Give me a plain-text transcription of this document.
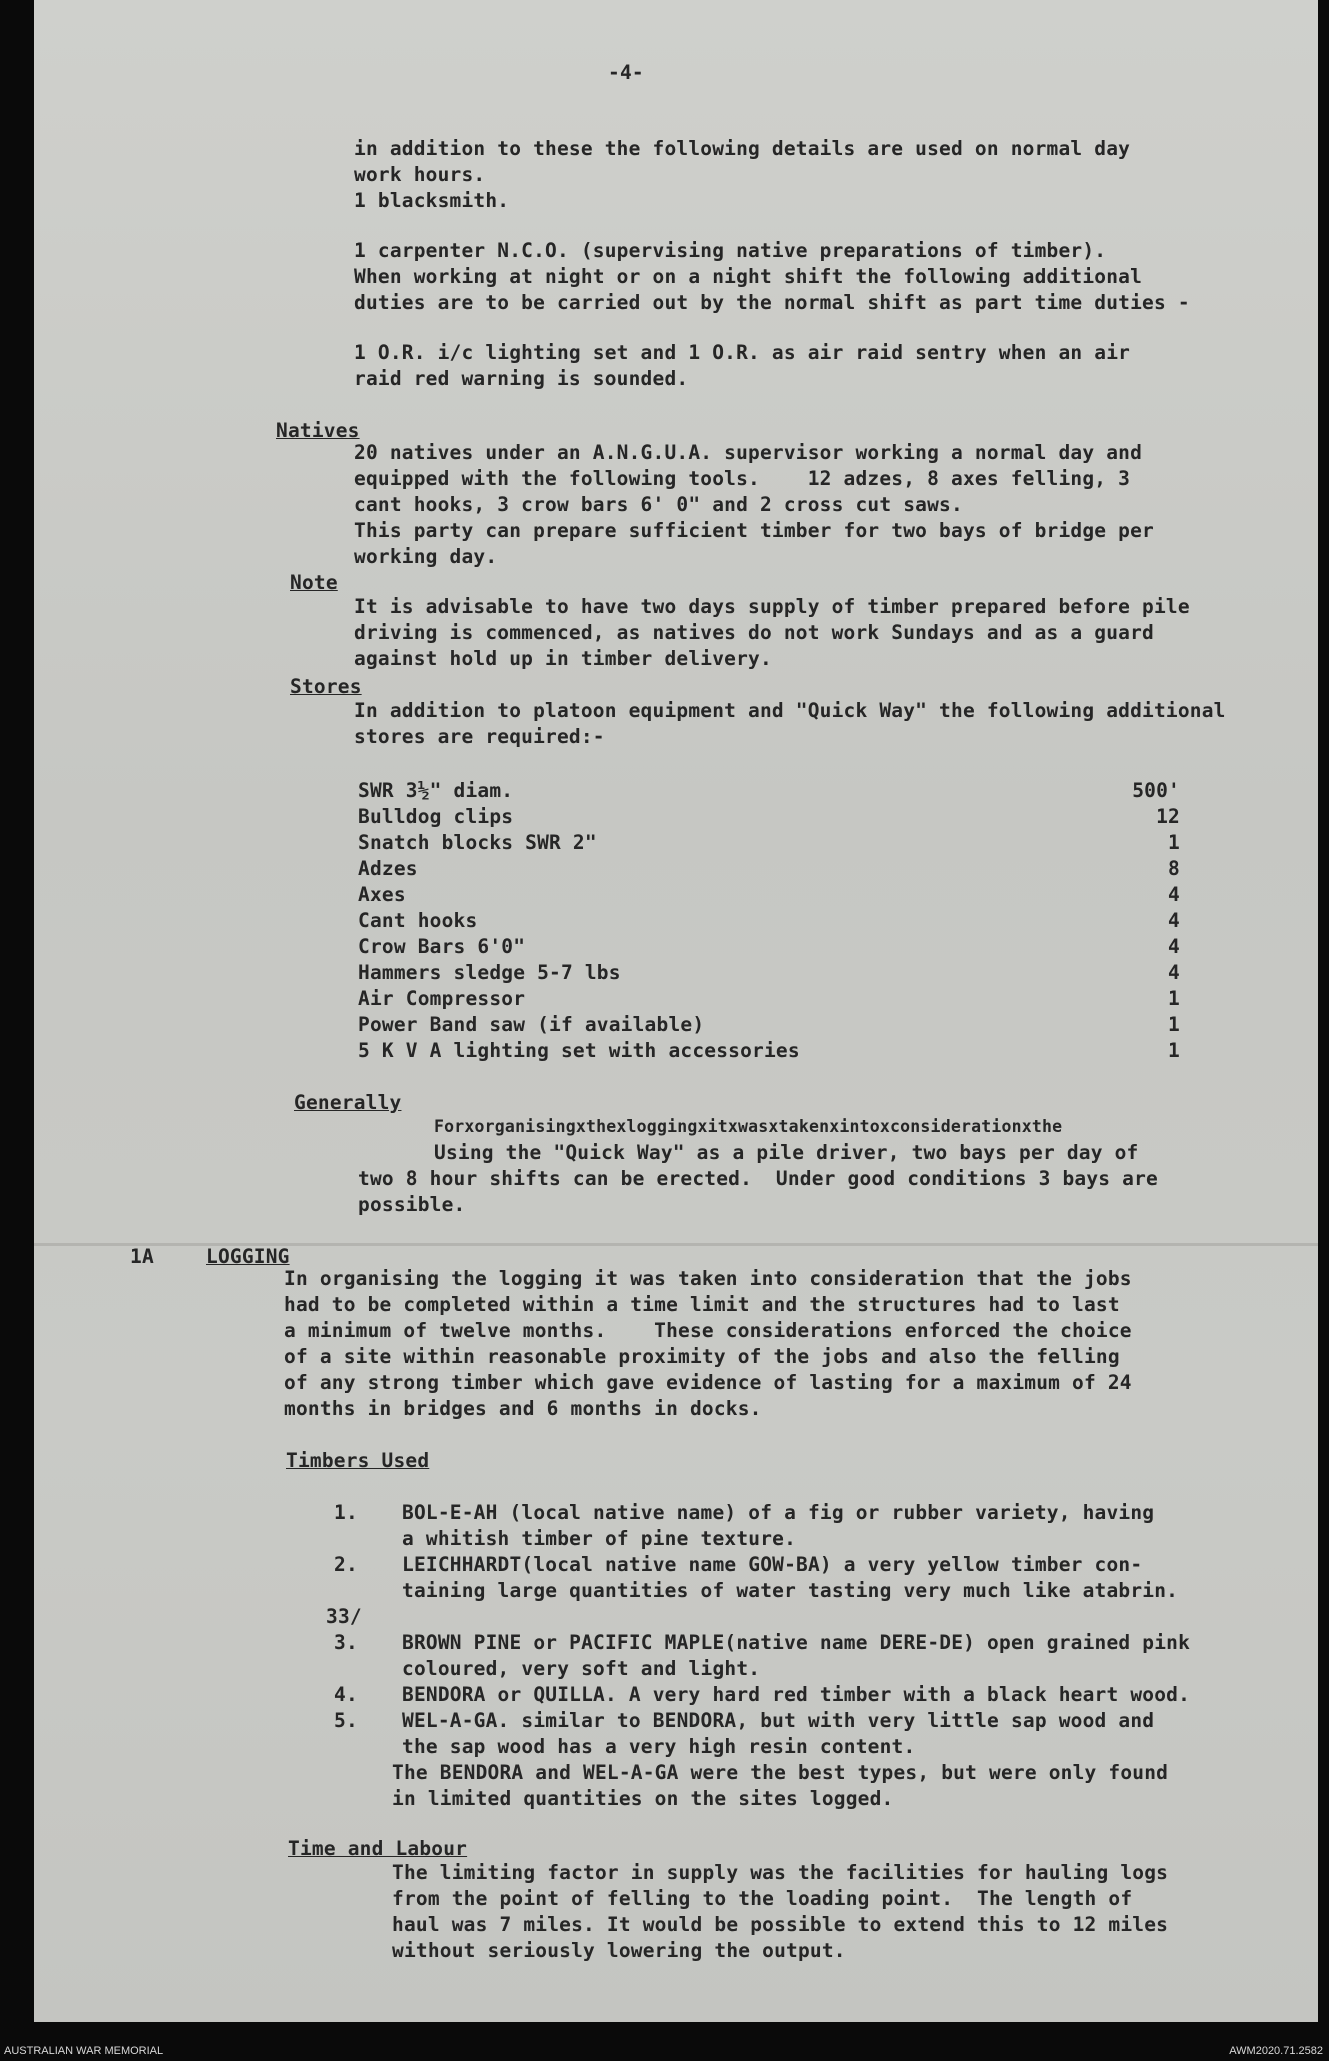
-4-
in addition to these the following details are used on normal day
work hours.
1 blacksmith.
1 carpenter N.C.O. (supervising native preparations of timber).
When working at night or on a night shift the following additional
duties are to be carried out by the normal shift as part time duties -
1 O.R. i/c lighting set and 1 O.R. as air raid sentry when an air
raid red warning is sounded.
Natives
20 natives under an A.N.G.U.A. supervisor working a normal day and
equipped with the following tools.    12 adzes, 8 axes felling, 3
cant hooks, 3 crow bars 6' 0" and 2 cross cut saws.
This party can prepare sufficient timber for two bays of bridge per
working day.
Note
It is advisable to have two days supply of timber prepared before pile
driving is commenced, as natives do not work Sundays and as a guard
against hold up in timber delivery.
Stores
In addition to platoon equipment and "Quick Way" the following additional
stores are required:-
SWR 3½" diam.	500'
Bulldog clips	12
Snatch blocks SWR 2"	1
Adzes	8
Axes	4
Cant hooks	4
Crow Bars 6'0"	4
Hammers sledge 5-7 lbs	4
Air Compressor	1
Power Band saw (if available)	1
5 K V A lighting set with accessories	1
Generally
Forxorganisingxthexloggingxitxwasxtakenxintoxconsiderationxthe
Using the "Quick Way" as a pile driver, two bays per day of
two 8 hour shifts can be erected.  Under good conditions 3 bays are
possible.
1A	LOGGING
In organising the logging it was taken into consideration that the jobs
had to be completed within a time limit and the structures had to last
a minimum of twelve months.    These considerations enforced the choice
of a site within reasonable proximity of the jobs and also the felling
of any strong timber which gave evidence of lasting for a maximum of 24
months in bridges and 6 months in docks.
Timbers Used
1. BOL-E-AH (local native name) of a fig or rubber variety, having
a whitish timber of pine texture.
2. LEICHHARDT(local native name GOW-BA) a very yellow timber con-
taining large quantities of water tasting very much like atabrin.
33/
3. BROWN PINE or PACIFIC MAPLE(native name DERE-DE) open grained pink
coloured, very soft and light.
4. BENDORA or QUILLA. A very hard red timber with a black heart wood.
5. WEL-A-GA. similar to BENDORA, but with very little sap wood and
the sap wood has a very high resin content.
The BENDORA and WEL-A-GA were the best types, but were only found
in limited quantities on the sites logged.
Time and Labour
The limiting factor in supply was the facilities for hauling logs
from the point of felling to the loading point.  The length of
haul was 7 miles. It would be possible to extend this to 12 miles
without seriously lowering the output.
AUSTRALIAN WAR MEMORIAL	AWM2020.71.2582
